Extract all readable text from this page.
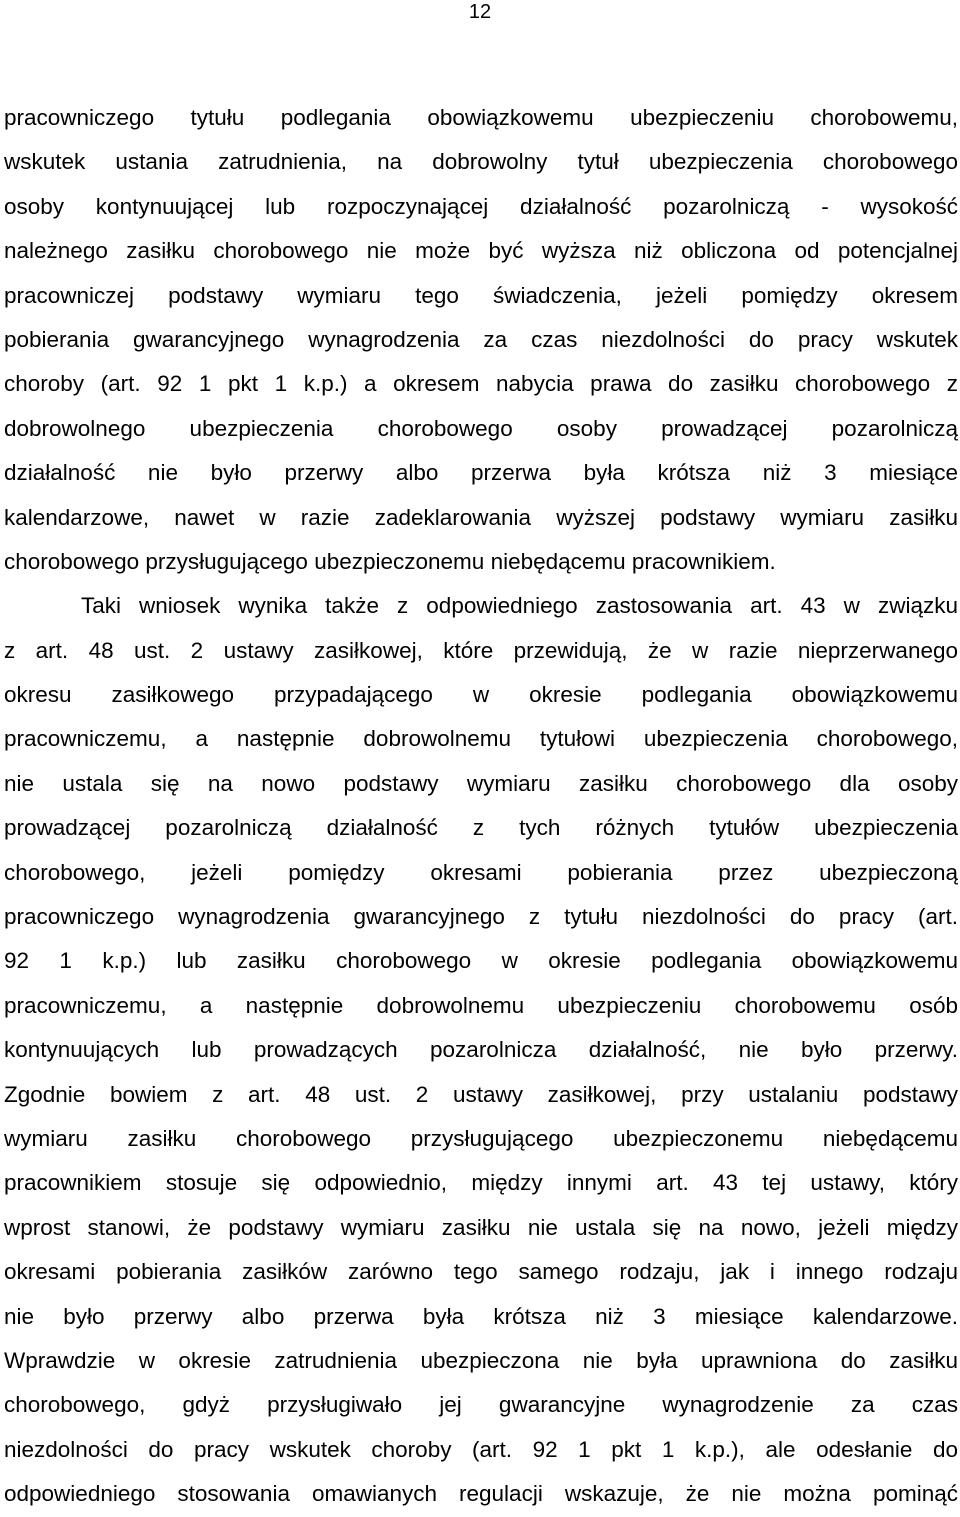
12
pracowniczego tytułu podlegania obowiązkowemu ubezpieczeniu chorobowemu,
wskutek ustania zatrudnienia, na dobrowolny tytuł ubezpieczenia chorobowego
osoby kontynuującej lub rozpoczynającej działalność pozarolniczą - wysokość
należnego zasiłku chorobowego nie może być wyższa niż obliczona od potencjalnej
pracowniczej podstawy wymiaru tego świadczenia, jeżeli pomiędzy okresem
pobierania gwarancyjnego wynagrodzenia za czas niezdolności do pracy wskutek
choroby (art. 92 1 pkt 1 k.p.) a okresem nabycia prawa do zasiłku chorobowego z
dobrowolnego ubezpieczenia chorobowego osoby prowadzącej pozarolniczą
działalność nie było przerwy albo przerwa była krótsza niż 3 miesiące
kalendarzowe, nawet w razie zadeklarowania wyższej podstawy wymiaru zasiłku
chorobowego przysługującego ubezpieczonemu niebędącemu pracownikiem.
Taki wniosek wynika także z odpowiedniego zastosowania art. 43 w związku
z art. 48 ust. 2 ustawy zasiłkowej, które przewidują, że w razie nieprzerwanego
okresu zasiłkowego przypadającego w okresie podlegania obowiązkowemu
pracowniczemu, a następnie dobrowolnemu tytułowi ubezpieczenia chorobowego,
nie ustala się na nowo podstawy wymiaru zasiłku chorobowego dla osoby
prowadzącej pozarolniczą działalność z tych różnych tytułów ubezpieczenia
chorobowego, jeżeli pomiędzy okresami pobierania przez ubezpieczoną
pracowniczego wynagrodzenia gwarancyjnego z tytułu niezdolności do pracy (art.
92 1 k.p.) lub zasiłku chorobowego w okresie podlegania obowiązkowemu
pracowniczemu, a następnie dobrowolnemu ubezpieczeniu chorobowemu osób
kontynuujących lub prowadzących pozarolnicza działalność, nie było przerwy.
Zgodnie bowiem z art. 48 ust. 2 ustawy zasiłkowej, przy ustalaniu podstawy
wymiaru zasiłku chorobowego przysługującego ubezpieczonemu niebędącemu
pracownikiem stosuje się odpowiednio, między innymi art. 43 tej ustawy, który
wprost stanowi, że podstawy wymiaru zasiłku nie ustala się na nowo, jeżeli między
okresami pobierania zasiłków zarówno tego samego rodzaju, jak i innego rodzaju
nie było przerwy albo przerwa była krótsza niż 3 miesiące kalendarzowe.
Wprawdzie w okresie zatrudnienia ubezpieczona nie była uprawniona do zasiłku
chorobowego, gdyż przysługiwało jej gwarancyjne wynagrodzenie za czas
niezdolności do pracy wskutek choroby (art. 92 1 pkt 1 k.p.), ale odesłanie do
odpowiedniego stosowania omawianych regulacji wskazuje, że nie można pominąć
